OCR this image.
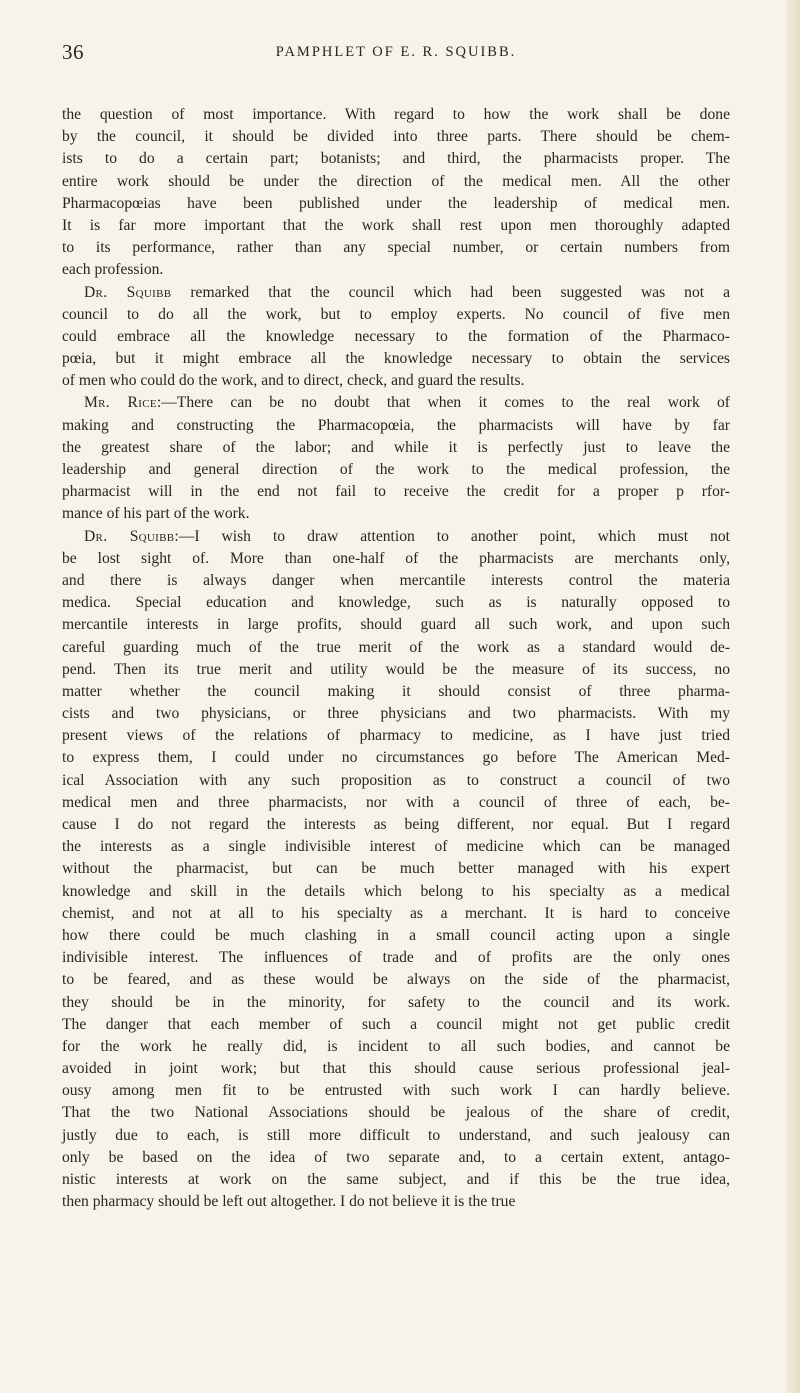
36	PAMPHLET OF E. R. SQUIBB.
the question of most importance. With regard to how the work shall be done
by the council, it should be divided into three parts. There should be chem-
ists to do a certain part; botanists; and third, the pharmacists proper. The
entire work should be under the direction of the medical men. All the other
Pharmacopœias have been published under the leadership of medical men.
It is far more important that the work shall rest upon men thoroughly adapted
to its performance, rather than any special number, or certain numbers from
each profession.
Dr. Squibb remarked that the council which had been suggested was not a
council to do all the work, but to employ experts. No council of five men
could embrace all the knowledge necessary to the formation of the Pharmaco-
pœia, but it might embrace all the knowledge necessary to obtain the services
of men who could do the work, and to direct, check, and guard the results.
Mr. Rice:—There can be no doubt that when it comes to the real work of
making and constructing the Pharmacopœia, the pharmacists will have by far
the greatest share of the labor; and while it is perfectly just to leave the
leadership and general direction of the work to the medical profession, the
pharmacist will in the end not fail to receive the credit for a proper p rfor-
mance of his part of the work.
Dr. Squibb:—I wish to draw attention to another point, which must not
be lost sight of. More than one-half of the pharmacists are merchants only,
and there is always danger when mercantile interests control the materia
medica. Special education and knowledge, such as is naturally opposed to
mercantile interests in large profits, should guard all such work, and upon such
careful guarding much of the true merit of the work as a standard would de-
pend. Then its true merit and utility would be the measure of its success, no
matter whether the council making it should consist of three pharma-
cists and two physicians, or three physicians and two pharmacists. With my
present views of the relations of pharmacy to medicine, as I have just tried
to express them, I could under no circumstances go before The American Med-
ical Association with any such proposition as to construct a council of two
medical men and three pharmacists, nor with a council of three of each, be-
cause I do not regard the interests as being different, nor equal. But I regard
the interests as a single indivisible interest of medicine which can be managed
without the pharmacist, but can be much better managed with his expert
knowledge and skill in the details which belong to his specialty as a medical
chemist, and not at all to his specialty as a merchant. It is hard to conceive
how there could be much clashing in a small council acting upon a single
indivisible interest. The influences of trade and of profits are the only ones
to be feared, and as these would be always on the side of the pharmacist,
they should be in the minority, for safety to the council and its work.
The danger that each member of such a council might not get public credit
for the work he really did, is incident to all such bodies, and cannot be
avoided in joint work; but that this should cause serious professional jeal-
ousy among men fit to be entrusted with such work I can hardly believe.
That the two National Associations should be jealous of the share of credit,
justly due to each, is still more difficult to understand, and such jealousy can
only be based on the idea of two separate and, to a certain extent, antago-
nistic interests at work on the same subject, and if this be the true idea,
then pharmacy should be left out altogether. I do not believe it is the true
